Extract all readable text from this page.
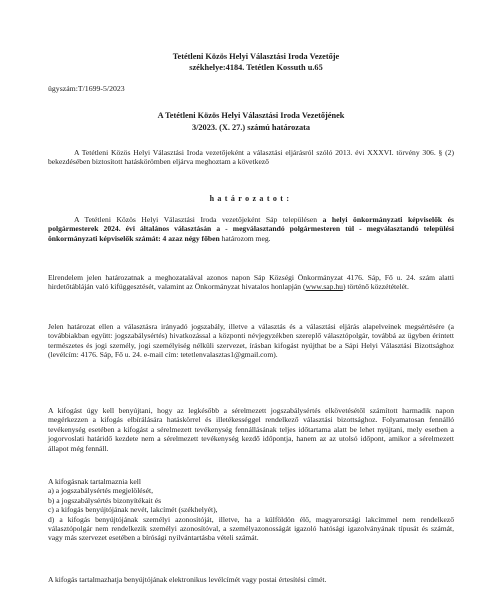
Tetétleni Közös Helyi Választási Iroda Vezetője
székhelye:4184. Tetétlen Kossuth u.65
ügyszám:T/1699-5/2023
A Tetétleni Közös Helyi Választási Iroda Vezetőjének
3/2023. (X. 27.) számú határozata

A Tetétleni Közös Helyi Választási Iroda vezetőjeként a választási eljárásról szóló 2013. évi XXXVI. törvény 306. § (2) bekezdésében biztosított hatáskörömben eljárva meghoztam a következő

határozatot:

A Tetétleni Közös Helyi Választási Iroda vezetőjeként Sáp településen a helyi önkormányzati képviselők és polgármesterek 2024. évi általános választásán a - megválasztandó polgármesteren túl - megválasztandó települési önkormányzati képviselők számát: 4 azaz négy főben határozom meg.

Elrendelem jelen határozatnak a meghozatalával azonos napon Sáp Községi Önkormányzat 4176. Sáp, Fő u. 24. szám alatti hirdetőtábláján való kifüggesztését, valamint az Önkormányzat hivatalos honlapján (www.sap.hu) történő közzétételét.

Jelen határozat ellen a választásra irányadó jogszabály, illetve a választás és a választási eljárás alapelveinek megsértésére (a továbbiakban együtt: jogszabálysértés) hivatkozással a központi névjegyzékben szereplő választópolgár, továbbá az ügyben érintett természetes és jogi személy, jogi személyiség nélküli szervezet, írásban kifogást nyújthat be a Sápi Helyi Választási Bizottsághoz (levélcím: 4176. Sáp, Fő u. 24. e-mail cím: tetetlenvalasztas1@gmail.com).

A kifogást úgy kell benyújtani, hogy az legkésőbb a sérelmezett jogszabálysértés elkövetésétől számított harmadik napon megérkezzen a kifogás elbírálására hatáskörrel és illetékességgel rendelkező választási bizottsághoz. Folyamatosan fennálló tevékenység esetében a kifogást a sérelmezett tevékenység fennállásának teljes időtartama alatt be lehet nyújtani, mely esetben a jogorvoslati határidő kezdete nem a sérelmezett tevékenység kezdő időpontja, hanem az az utolsó időpont, amikor a sérelmezett állapot még fennáll.

A kifogásnak tartalmaznia kell
a) a jogszabálysértés megjelölését,
b) a jogszabálysértés bizonyítékait és
c) a kifogás benyújtójának nevét, lakcímét (székhelyét),
d) a kifogás benyújtójának személyi azonosítóját, illetve, ha a külföldön élő, magyarországi lakcímmel nem rendelkező választópolgár nem rendelkezik személyi azonosítóval, a személyazonosságát igazoló hatósági igazolványának típusát és számát, vagy más szervezet esetében a bírósági nyilvántartásba vételi számát.

A kifogás tartalmazhatja benyújtójának elektronikus levélcímét vagy postai értesítési címét.
